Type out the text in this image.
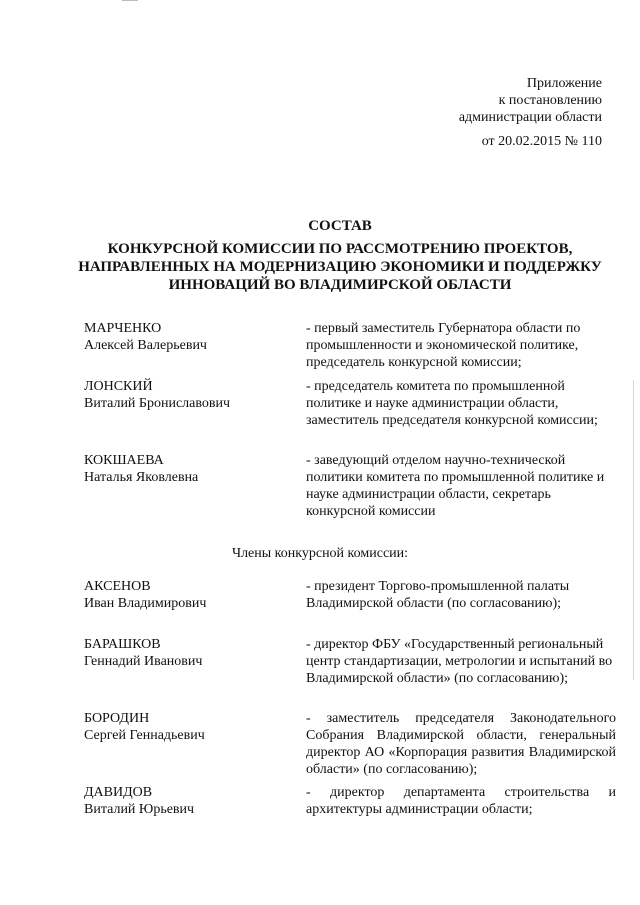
Приложение
к постановлению
администрации области
от 20.02.2015 № 110
СОСТАВ
КОНКУРСНОЙ КОМИССИИ ПО РАССМОТРЕНИЮ ПРОЕКТОВ,
НАПРАВЛЕННЫХ НА МОДЕРНИЗАЦИЮ ЭКОНОМИКИ И ПОДДЕРЖКУ
ИННОВАЦИЙ ВО ВЛАДИМИРСКОЙ ОБЛАСТИ
МАРЧЕНКО
Алексей Валерьевич
- первый заместитель Губернатора области по промышленности и экономической политике, председатель конкурсной комиссии;
ЛОНСКИЙ
Виталий Брониславович
- председатель комитета по промышленной политике и науке администрации области, заместитель председателя конкурсной комиссии;
КОКШАЕВА
Наталья Яковлевна
- заведующий отделом научно-технической политики комитета по промышленной политике и науке администрации области, секретарь конкурсной комиссии
Члены конкурсной комиссии:
АКСЕНОВ
Иван Владимирович
- президент Торгово-промышленной палаты Владимирской области (по согласованию);
БАРАШКОВ
Геннадий Иванович
- директор ФБУ «Государственный региональный центр стандартизации, метрологии и испытаний во Владимирской области» (по согласованию);
БОРОДИН
Сергей Геннадьевич
- заместитель председателя Законодательного Собрания Владимирской области, генеральный директор АО «Корпорация развития Владимирской области» (по согласованию);
ДАВИДОВ
Виталий Юрьевич
- директор департамента строительства и архитектуры администрации области;
